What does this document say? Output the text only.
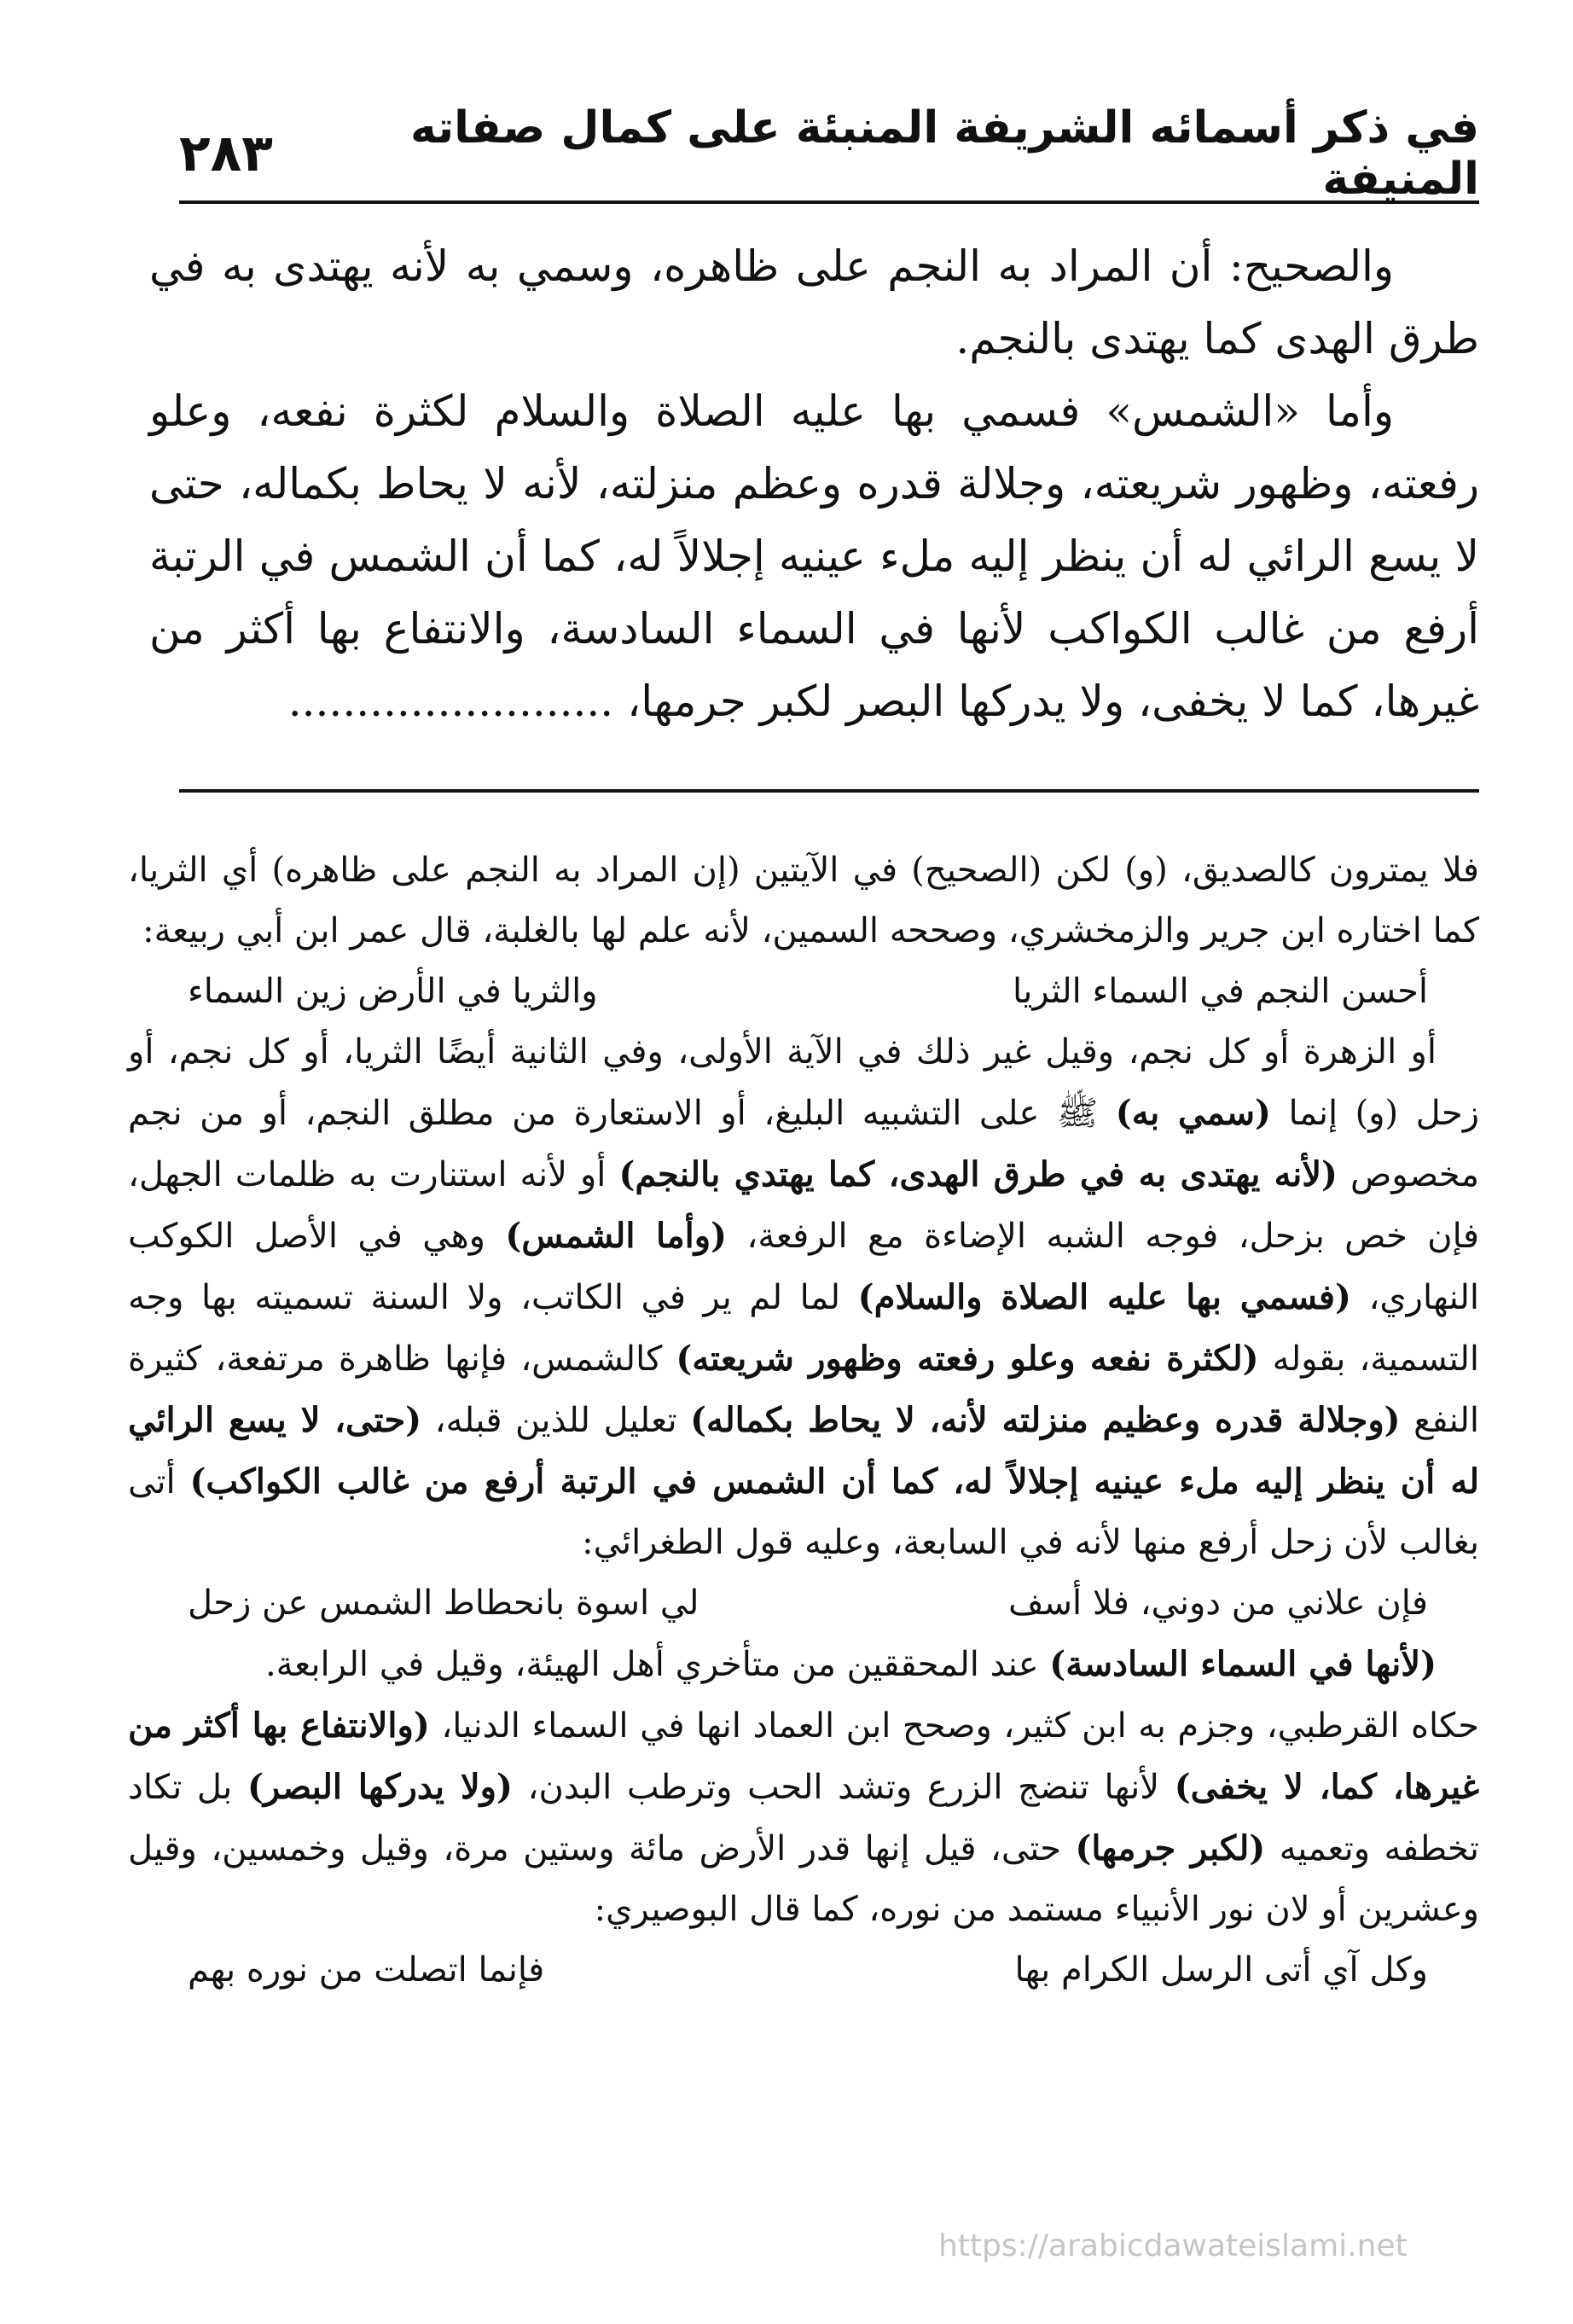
في ذكر أسمائه الشريفة المنبئة على كمال صفاته المنيفة
٢٨٣

والصحيح: أن المراد به النجم على ظاهره، وسمي به لأنه يهتدى به في طرق الهدى كما يهتدى بالنجم.

وأما «الشمس» فسمي بها عليه الصلاة والسلام لكثرة نفعه، وعلو رفعته، وظهور شريعته، وجلالة قدره وعظم منزلته، لأنه لا يحاط بكماله، حتى لا يسع الرائي له أن ينظر إليه ملء عينيه إجلالاً له، كما أن الشمس في الرتبة أرفع من غالب الكواكب لأنها في السماء السادسة، والانتفاع بها أكثر من غيرها، كما لا يخفى، ولا يدركها البصر لكبر جرمها، ........................

فلا يمترون كالصديق، (و) لكن (الصحيح) في الآيتين (إن المراد به النجم على ظاهره) أي الثريا، كما اختاره ابن جرير والزمخشري، وصححه السمين، لأنه علم لها بالغلبة، قال عمر ابن أبي ربيعة:

أحسن النجم في السماء الثريا
والثريا في الأرض زين السماء

أو الزهرة أو كل نجم، وقيل غير ذلك في الآية الأولى، وفي الثانية أيضًا الثريا، أو كل نجم، أو زحل (و) إنما (سمي به) ﷺ على التشبيه البليغ، أو الاستعارة من مطلق النجم، أو من نجم مخصوص (لأنه يهتدى به في طرق الهدى، كما يهتدي بالنجم) أو لأنه استنارت به ظلمات الجهل، فإن خص بزحل، فوجه الشبه الإضاءة مع الرفعة، (وأما الشمس) وهي في الأصل الكوكب النهاري، (فسمي بها عليه الصلاة والسلام) لما لم ير في الكاتب، ولا السنة تسميته بها وجه التسمية، بقوله (لكثرة نفعه وعلو رفعته وظهور شريعته) كالشمس، فإنها ظاهرة مرتفعة، كثيرة النفع (وجلالة قدره وعظيم منزلته لأنه، لا يحاط بكماله) تعليل للذين قبله، (حتى، لا يسع الرائي له أن ينظر إليه ملء عينيه إجلالاً له، كما أن الشمس في الرتبة أرفع من غالب الكواكب) أتى بغالب لأن زحل أرفع منها لأنه في السابعة، وعليه قول الطغرائي:

فإن علاني من دوني، فلا أسف
لي اسوة بانحطاط الشمس عن زحل

(لأنها في السماء السادسة) عند المحققين من متأخري أهل الهيئة، وقيل في الرابعة.

حكاه القرطبي، وجزم به ابن كثير، وصحح ابن العماد انها في السماء الدنيا، (والانتفاع بها أكثر من غيرها، كما، لا يخفى) لأنها تنضج الزرع وتشد الحب وترطب البدن، (ولا يدركها البصر) بل تكاد تخطفه وتعميه (لكبر جرمها) حتى، قيل إنها قدر الأرض مائة وستين مرة، وقيل وخمسين، وقيل وعشرين أو لان نور الأنبياء مستمد من نوره، كما قال البوصيري:

وكل آي أتى الرسل الكرام بها
فإنما اتصلت من نوره بهم
https://arabicdawateislami.net
